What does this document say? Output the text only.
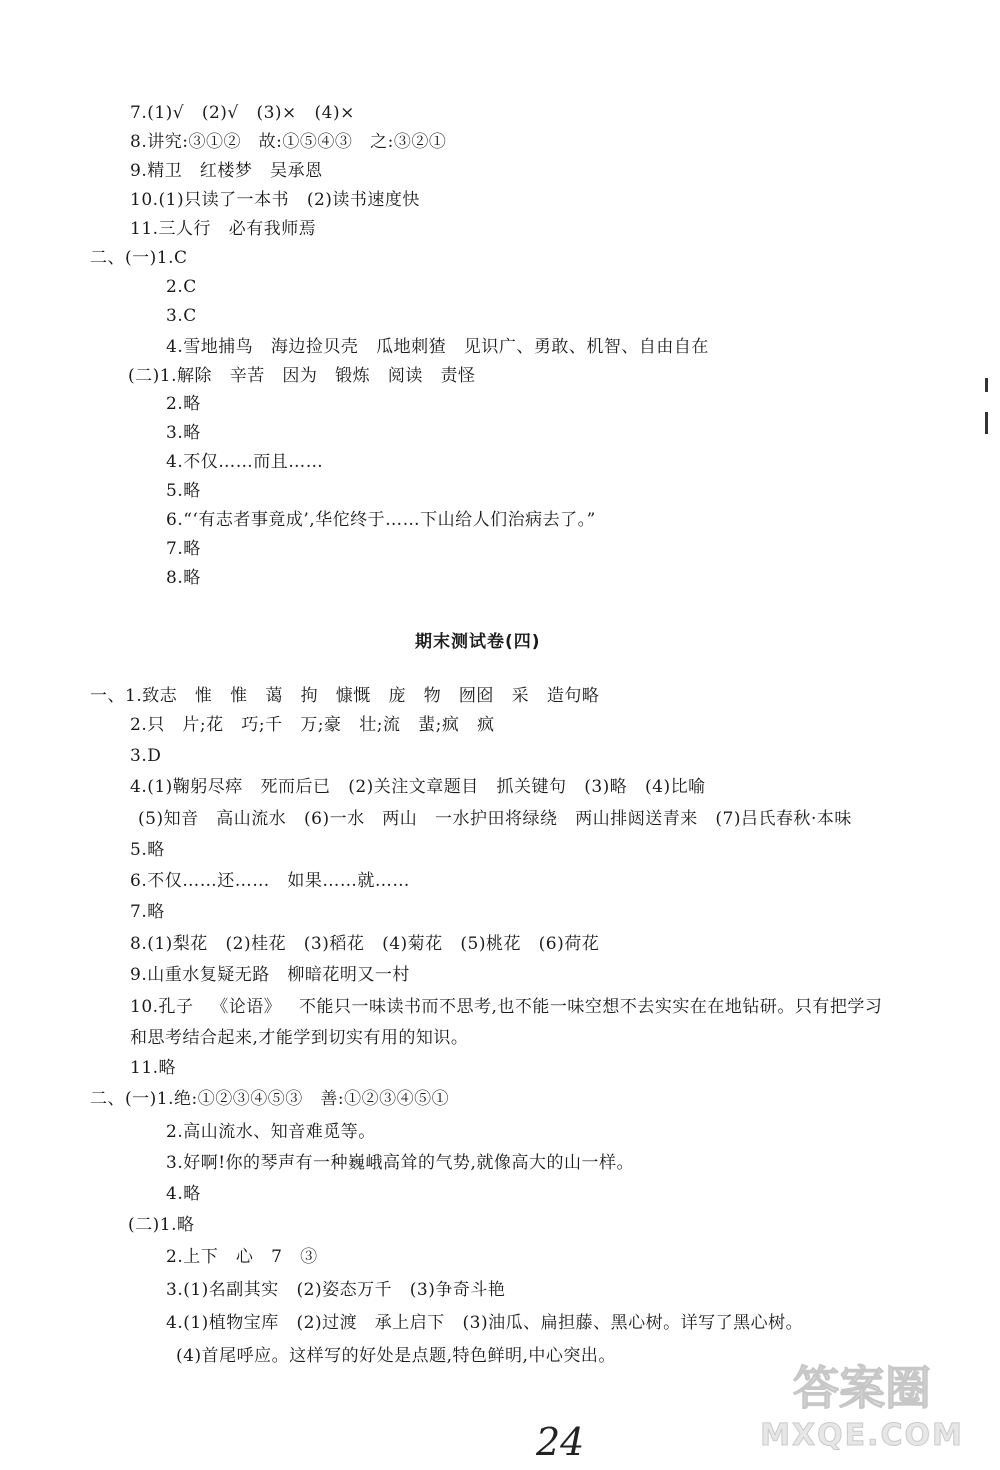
7.(1)√   (2)√   (3)×   (4)×
8.讲究:③①②   故:①⑤④③   之:③②①
9.精卫   红楼梦   吴承恩
10.(1)只读了一本书   (2)读书速度快
11.三人行   必有我师焉
二、(一)1.C
2.C
3.C
4.雪地捕鸟   海边捡贝壳   瓜地刺猹   见识广、勇敢、机智、自由自在
(二)1.解除   辛苦   因为   锻炼   阅读   责怪
2.略
3.略
4.不仅……而且……
5.略
6.“‘有志者事竟成’,华佗终于……下山给人们治病去了。”
7.略
8.略
期末测试卷(四)
一、1.致志   惟   惟   蔼   拘   慷慨   庞   物   囫囵   采   造句略
2.只   片;花   巧;千   万;豪   壮;流   蜚;疯   疯
3.D
4.(1)鞠躬尽瘁   死而后已   (2)关注文章题目   抓关键句   (3)略   (4)比喻
(5)知音   高山流水   (6)一水   两山   一水护田将绿绕   两山排闼送青来   (7)吕氏春秋·本味
5.略
6.不仅……还……   如果……就……
7.略
8.(1)梨花   (2)桂花   (3)稻花   (4)菊花   (5)桃花   (6)荷花
9.山重水复疑无路   柳暗花明又一村
10.孔子   《论语》   不能只一味读书而不思考,也不能一味空想不去实实在在地钻研。只有把学习
和思考结合起来,才能学到切实有用的知识。
11.略
二、(一)1.绝:①②③④⑤③   善:①②③④⑤①
2.高山流水、知音难觅等。
3.好啊!你的琴声有一种巍峨高耸的气势,就像高大的山一样。
4.略
(二)1.略
2.上下   心   7   ③
3.(1)名副其实   (2)姿态万千   (3)争奇斗艳
4.(1)植物宝库   (2)过渡   承上启下   (3)油瓜、扁担藤、黑心树。详写了黑心树。
(4)首尾呼应。这样写的好处是点题,特色鲜明,中心突出。
24
答案圈
MXQE.COM
